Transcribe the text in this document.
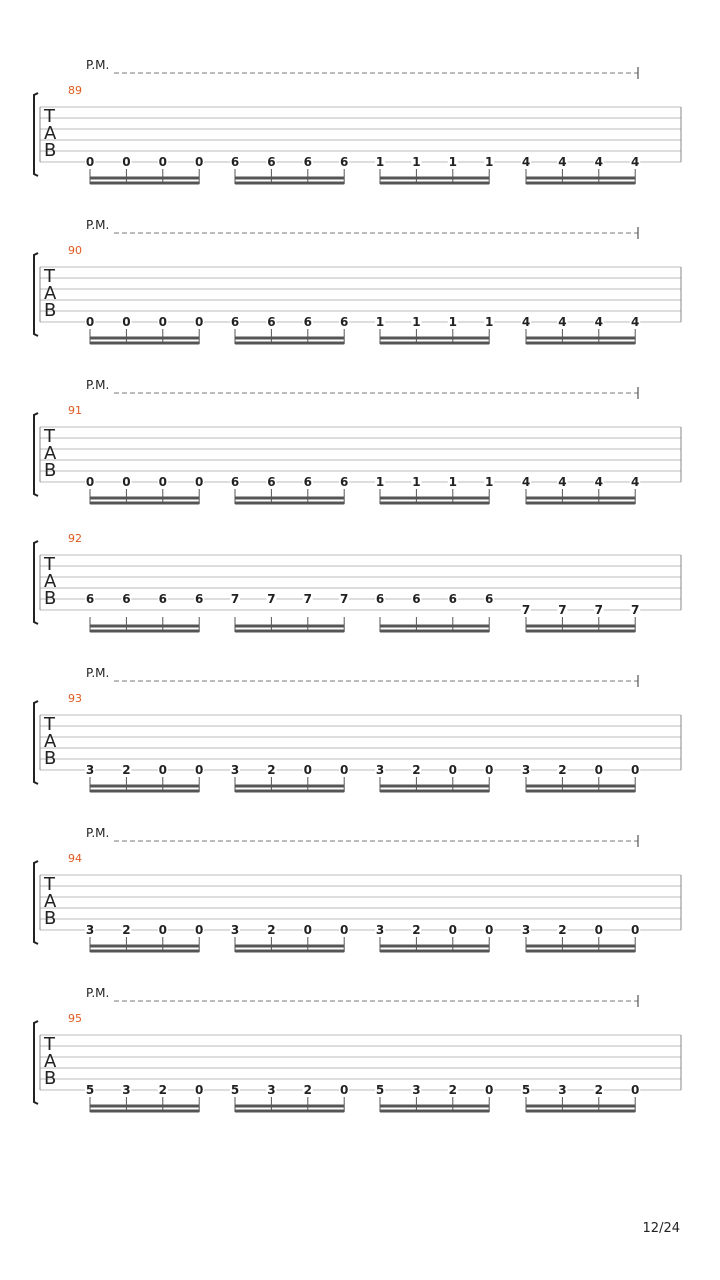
P.M.
89
T
A
B
0 0 0 0 6 6 6 6 1 1 1 1 4 4 4 4
P.M.
90
T
A
B
0 0 0 0 6 6 6 6 1 1 1 1 4 4 4 4
P.M.
91
T
A
B
0 0 0 0 6 6 6 6 1 1 1 1 4 4 4 4
92
T
A
B 6 6 6 6 7 7 7 7 6 6 6 6
7 7 7 7
P.M.
93
T
A
B
3 2 0 0 3 2 0 0 3 2 0 0 3 2 0 0
P.M.
94
T
A
B
3 2 0 0 3 2 0 0 3 2 0 0 3 2 0 0
P.M.
95
T
A
B
5 3 2 0 5 3 2 0 5 3 2 0 5 3 2 0
12/24
